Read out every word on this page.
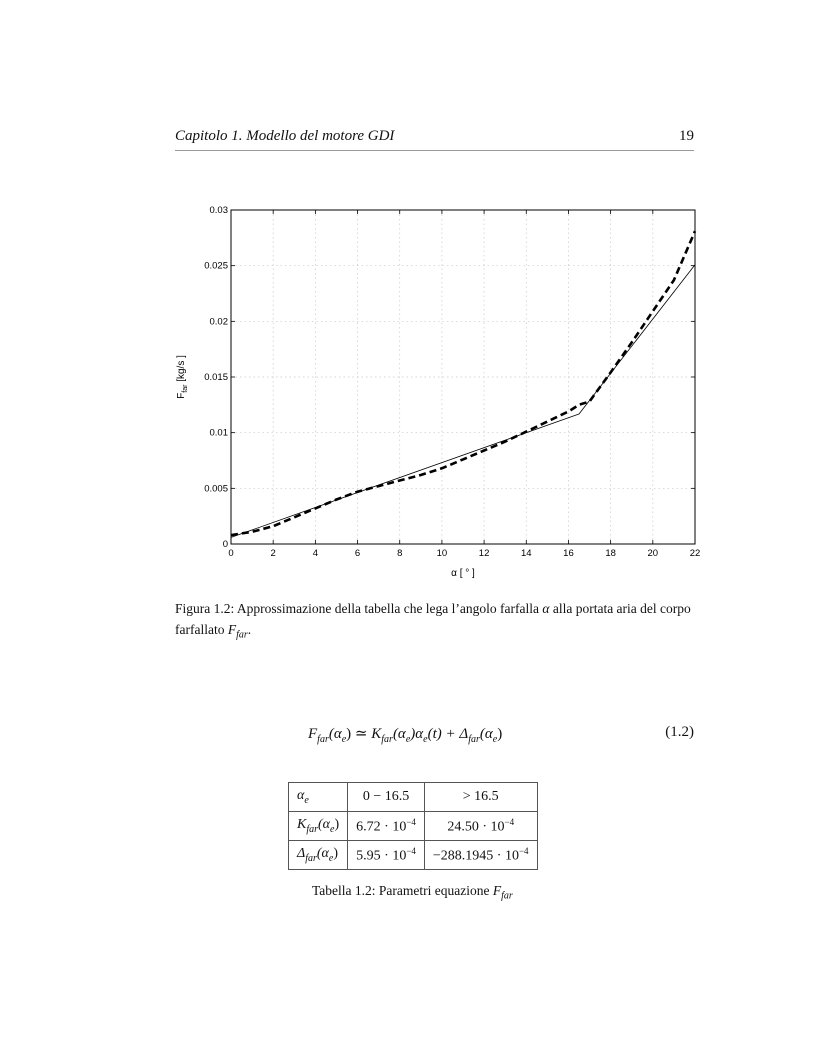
Capitolo 1. Modello del motore GDI	19
0	2	4	6	8	10	12	14	16	18	20	22
0
0.005
0.01
0.015
0.02
0.025
0.03
α [ ° ]
$F_{far}$ [kg/s ]
Figura 1.2: Approssimazione della tabella che lega l’angolo farfalla α alla portata aria del corpo farfallato $F_{far}$.
$F_{far}(\alpha_e)$ ≃ $K_{far}(\alpha_e)\alpha_e(t) + \Delta_{far}(\alpha_e)$	(1.2)
$\alpha_e$	0 − 16.5	> 16.5
$K_{far}(\alpha_e)$	$6.72 \cdot 10^{-4}$	$24.50 \cdot 10^{-4}$
$\Delta_{far}(\alpha_e)$	$5.95 \cdot 10^{-4}$	$-288.1945 \cdot 10^{-4}$
Tabella 1.2: Parametri equazione $F_{far}$
